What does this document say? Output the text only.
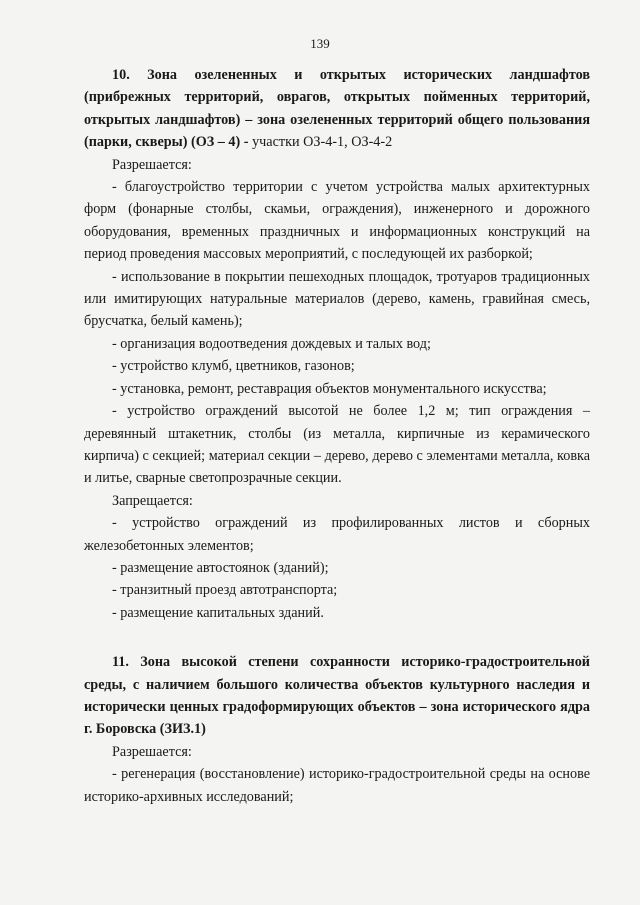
139

10. Зона озелененных и открытых исторических ландшафтов (прибрежных территорий, оврагов, открытых пойменных территорий, открытых ландшафтов) – зона озелененных территорий общего пользования (парки, скверы) (ОЗ – 4) - участки ОЗ-4-1, ОЗ-4-2

Разрешается:

- благоустройство территории с учетом устройства малых архитектурных форм (фонарные столбы, скамьи, ограждения), инженерного и дорожного оборудования, временных праздничных и информационных конструкций на период проведения массовых мероприятий, с последующей их разборкой;

- использование в покрытии пешеходных площадок, тротуаров традиционных или имитирующих натуральные материалов (дерево, камень, гравийная смесь, брусчатка, белый камень);

- организация водоотведения дождевых и талых вод;

- устройство клумб, цветников, газонов;

- установка, ремонт, реставрация объектов монументального искусства;

- устройство ограждений высотой не более 1,2 м; тип ограждения – деревянный штакетник, столбы (из металла, кирпичные из керамического кирпича) с секцией; материал секции – дерево, дерево с элементами металла, ковка и литье, сварные светопрозрачные секции.

Запрещается:

- устройство ограждений из профилированных листов и сборных железобетонных элементов;

- размещение автостоянок (зданий);

- транзитный проезд автотранспорта;

- размещение капитальных зданий.

11. Зона высокой степени сохранности историко-градостроительной среды, с наличием большого количества объектов культурного наследия и исторически ценных градоформирующих объектов – зона исторического ядра г. Боровска (ЗИЗ.1)

Разрешается:

- регенерация (восстановление) историко-градостроительной среды на основе историко-архивных исследований;
